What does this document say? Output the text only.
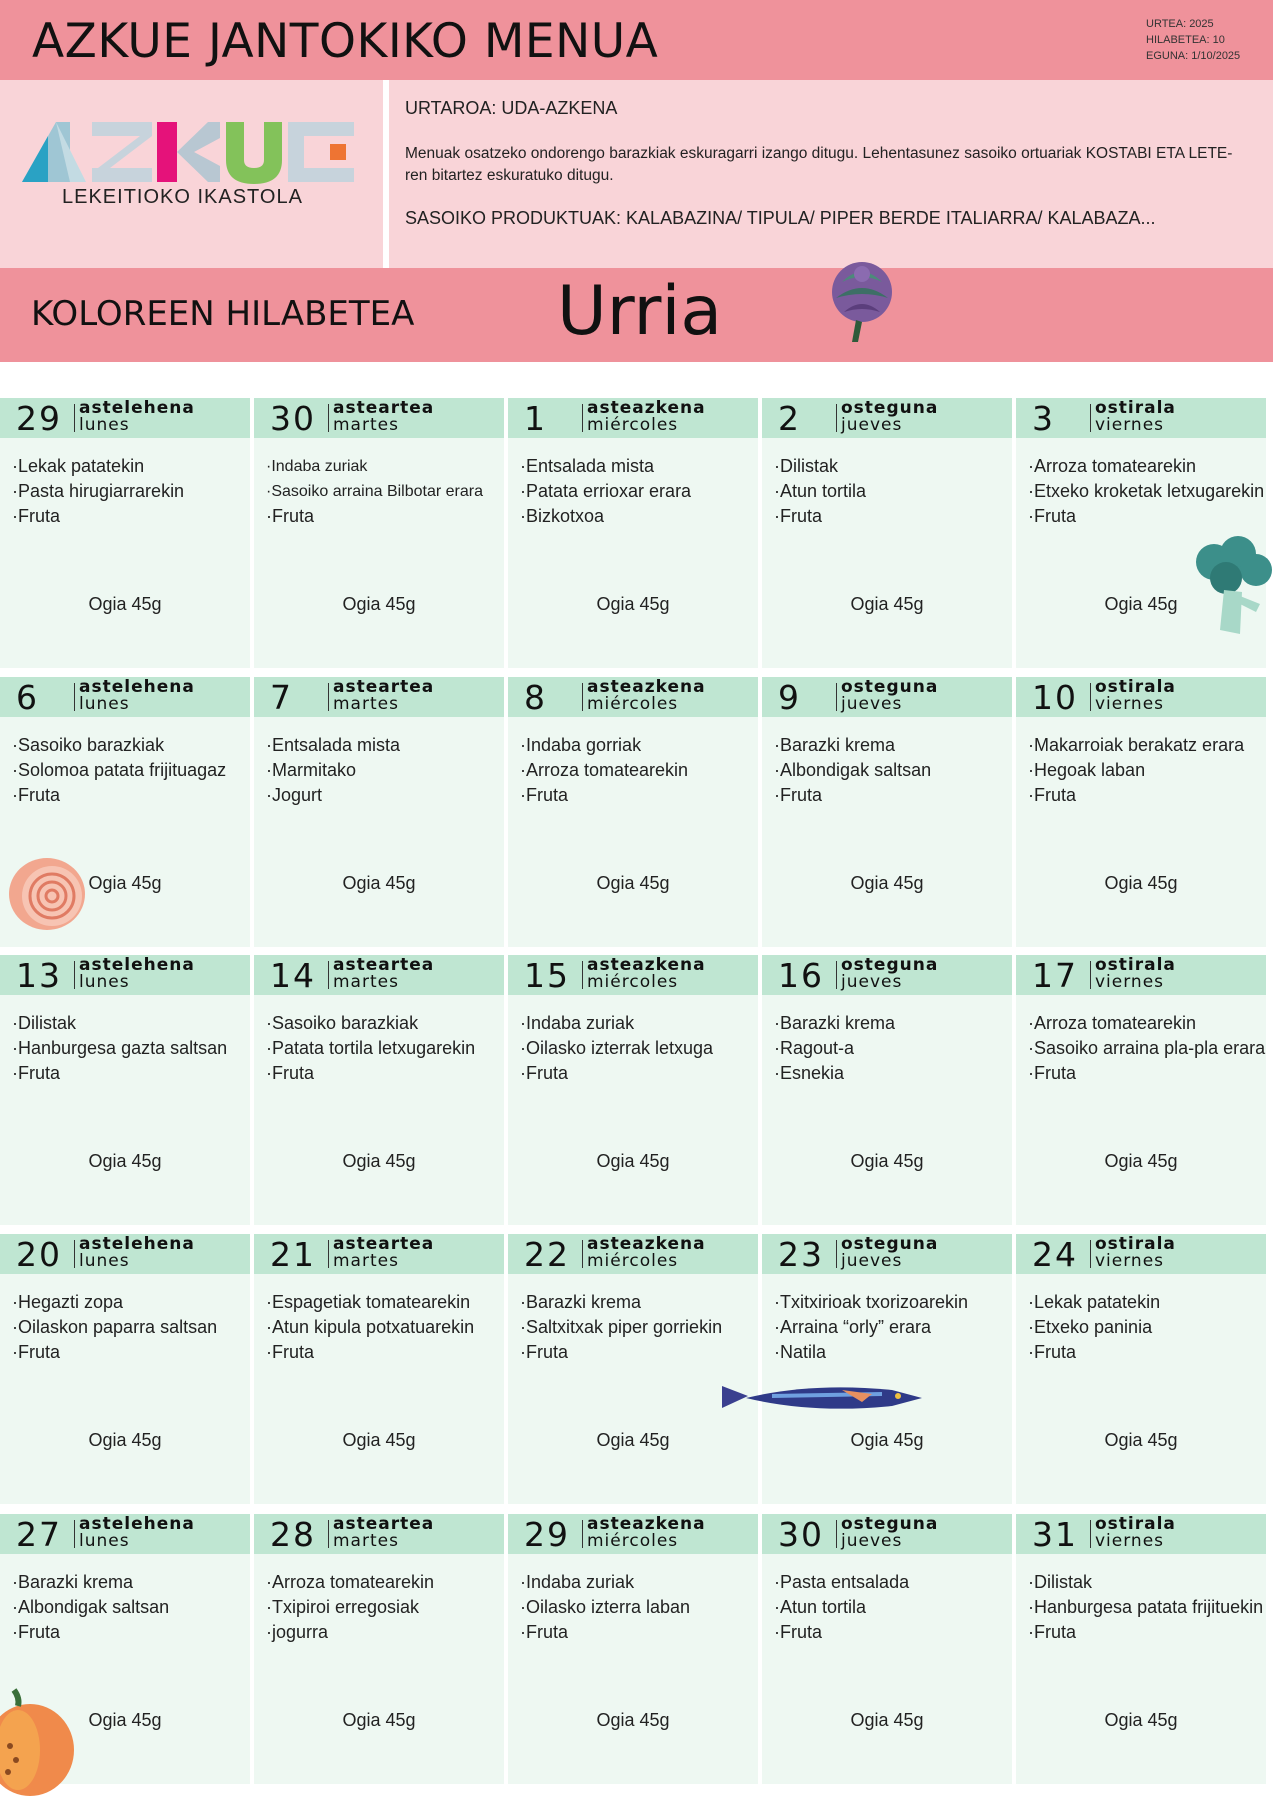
AZKUE JANTOKIKO MENUA	URTEA: 2025
HILABETEA: 10
EGUNA: 1/10/2025
LEKEITIOKO IKASTOLA
URTAROA: UDA-AZKENA
Menuak osatzeko ondorengo barazkiak eskuragarri izango ditugu. Lehentasunez sasoiko ortuariak KOSTABI ETA LETE-ren bitartez eskuratuko ditugu.
SASOIKO PRODUKTUAK: KALABAZINA/ TIPULA/ PIPER BERDE ITALIARRA/ KALABAZA...
KOLOREEN HILABETEA Urria
29 astelehena
lunes
·Lekak patatekin
·Pasta hirugiarrarekin
·Fruta
Ogia 45g
30 asteartea
martes
·Indaba zuriak
·Sasoiko arraina Bilbotar erara
·Fruta
Ogia 45g
1 asteazkena
miércoles
·Entsalada mista
·Patata errioxar erara
·Bizkotxoa
Ogia 45g
2 osteguna
jueves
·Dilistak
·Atun tortila
·Fruta
Ogia 45g
3 ostirala
viernes
·Arroza tomatearekin
·Etxeko kroketak letxugarekin
·Fruta
Ogia 45g
6 astelehena
lunes
·Sasoiko barazkiak
·Solomoa patata frijituagaz
·Fruta
Ogia 45g
7 asteartea
martes
·Entsalada mista
·Marmitako
·Jogurt
Ogia 45g
8 asteazkena
miércoles
·Indaba gorriak
·Arroza tomatearekin
·Fruta
Ogia 45g
9 osteguna
jueves
·Barazki krema
·Albondigak saltsan
·Fruta
Ogia 45g
10 ostirala
viernes
·Makarroiak berakatz erara
·Hegoak laban
·Fruta
Ogia 45g
13 astelehena
lunes
·Dilistak
·Hanburgesa gazta saltsan
·Fruta
Ogia 45g
14 asteartea
martes
·Sasoiko barazkiak
·Patata tortila letxugarekin
·Fruta
Ogia 45g
15 asteazkena
miércoles
·Indaba zuriak
·Oilasko izterrak letxuga
·Fruta
Ogia 45g
16 osteguna
jueves
·Barazki krema
·Ragout-a
·Esnekia
Ogia 45g
17 ostirala
viernes
·Arroza tomatearekin
·Sasoiko arraina pla-pla erara
·Fruta
Ogia 45g
20 astelehena
lunes
·Hegazti zopa
·Oilaskon paparra saltsan
·Fruta
Ogia 45g
21 asteartea
martes
·Espagetiak tomatearekin
·Atun kipula potxatuarekin
·Fruta
Ogia 45g
22 asteazkena
miércoles
·Barazki krema
·Saltxitxak piper gorriekin
·Fruta
Ogia 45g
23 osteguna
jueves
·Txitxirioak txorizoarekin
·Arraina “orly” erara
·Natila
Ogia 45g
24 ostirala
viernes
·Lekak patatekin
·Etxeko paninia
·Fruta
Ogia 45g
27 astelehena
lunes
·Barazki krema
·Albondigak saltsan
·Fruta
Ogia 45g
28 asteartea
martes
·Arroza tomatearekin
·Txipiroi erregosiak
·jogurra
Ogia 45g
29 asteazkena
miércoles
·Indaba zuriak
·Oilasko izterra laban
·Fruta
Ogia 45g
30 osteguna
jueves
·Pasta entsalada
·Atun tortila
·Fruta
Ogia 45g
31 ostirala
viernes
·Dilistak
·Hanburgesa patata frijituekin
·Fruta
Ogia 45g
